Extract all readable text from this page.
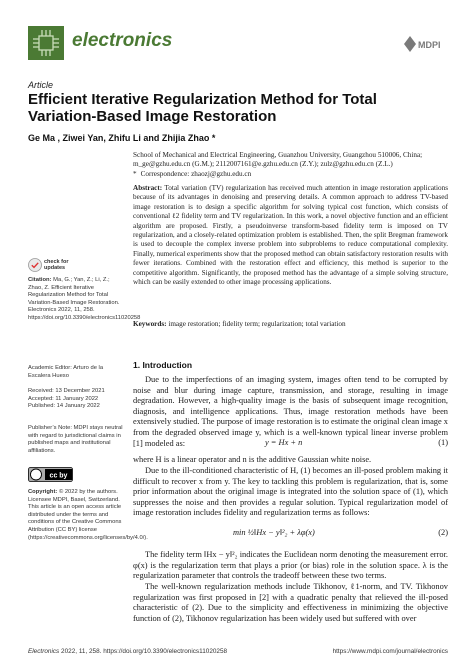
electronics	MDPI
Article
Efficient Iterative Regularization Method for Total Variation-Based Image Restoration
Ge Ma , Ziwei Yan, Zhifu Li and Zhijia Zhao *
School of Mechanical and Electrical Engineering, Guanzhou University, Guangzhou 510006, China; m_ge@gzhu.edu.cn (G.M.); 2112007161@e.gzhu.edu.cn (Z.Y.); zulz@gzhu.edu.cn (Z.L.)
* Correspondence: zhaozj@gzhu.edu.cn
Abstract: Total variation (TV) regularization has received much attention in image restoration applications because of its advantages in denoising and preserving details. A common approach to address TV-based image restoration is to design a specific algorithm for solving typical cost function, which consists of conventional ℓ2 fidelity term and TV regularization. In this work, a novel objective function and an efficient algorithm are proposed. Firstly, a pseudoinverse transform-based fidelity term is imposed on TV regularization, and a closely-related optimization problem is established. Then, the split Bregman framework is used to decouple the complex inverse problem into subproblems to reduce computational complexity. Finally, numerical experiments show that the proposed method can obtain satisfactory restoration results with fewer iterations. Combined with the restoration effect and efficiency, this method is superior to the competitive algorithm. Significantly, the proposed method has the advantage of a simple solving structure, which can be easily extended to other image processing applications.
Keywords: image restoration; fidelity term; regularization; total variation
1. Introduction

Due to the imperfections of an imaging system, images often tend to be corrupted by noise and blur during image capture, transmission, and storage, resulting in image degradation. However, a high-quality image is the basis of subsequent image recognition, diagnosis, and intelligence applications. Thus, image restoration methods have been extensively studied. The purpose of image restoration is to estimate the original clean image x from the degraded observed image y, which is a well-known typical linear inverse problem [1] modeled as:	y = Hx + n	(1)

where H is a linear operator and n is the additive Gaussian white noise.

Due to the ill-conditioned characteristic of H, (1) becomes an ill-posed problem making it difficult to recover x from y. The key to tackling this problem is regularization, that is, some prior information about the original image is integrated into the solution space of (1), which suppresses the noise and then provides a regular solution. Typical regularization model of image restoration includes fidelity and regularization terms as follows:

min ½‖Hx − y‖²₂ + λφ(x)	(2)

The fidelity term ‖Hx − y‖²₂ indicates the Euclidean norm denoting the measurement error. φ(x) is the regularization term that plays a prior (or bias) role in the solution space. λ is the regularization parameter that controls the tradeoff between these two terms.

The well-known regularization methods include Tikhonov, ℓ1-norm, and TV. Tikhonov regularization was first proposed in [2] with a quadratic penalty that relieved the ill-posed characteristic of (2). Due to the simplicity and effectiveness in minimizing the objective function of (2), Tikhonov regularization has been widely used but suffered with over

check for
updates
Citation: Ma, G.; Yan, Z.; Li, Z.; Zhao, Z. Efficient Iterative Regularization Method for Total Variation-Based Image Restoration. Electronics 2022, 11, 258. https://doi.org/10.3390/electronics11020258
Academic Editor: Arturo de la Escalera Hueso
Received: 13 December 2021
Accepted: 11 January 2022
Published: 14 January 2022
Publisher’s Note: MDPI stays neutral with regard to jurisdictional claims in published maps and institutional affiliations.
cc by
Copyright: © 2022 by the authors. Licensee MDPI, Basel, Switzerland. This article is an open access article distributed under the terms and conditions of the Creative Commons Attribution (CC BY) license (https://creativecommons.org/licenses/by/4.0/).
Electronics 2022, 11, 258. https://doi.org/10.3390/electronics11020258	https://www.mdpi.com/journal/electronics
